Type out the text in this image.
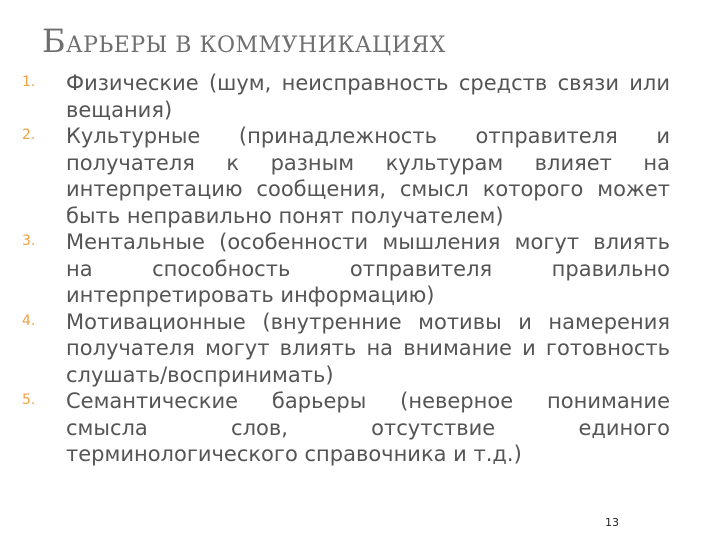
БАРЬЕРЫ В КОММУНИКАЦИЯХ
1.	Физические (шум, неисправность средств связи или вещания)
2.	Культурные (принадлежность отправителя и получателя к разным культурам влияет на интерпретацию сообщения, смысл которого может быть неправильно понят получателем)
3.	Ментальные (особенности мышления могут влиять на способность отправителя правильно интерпретировать информацию)
4.	Мотивационные (внутренние мотивы и намерения получателя могут влиять на внимание и готовность слушать/воспринимать)
5.	Семантические барьеры (неверное понимание смысла слов, отсутствие единого терминологического справочника и т.д.)
13
